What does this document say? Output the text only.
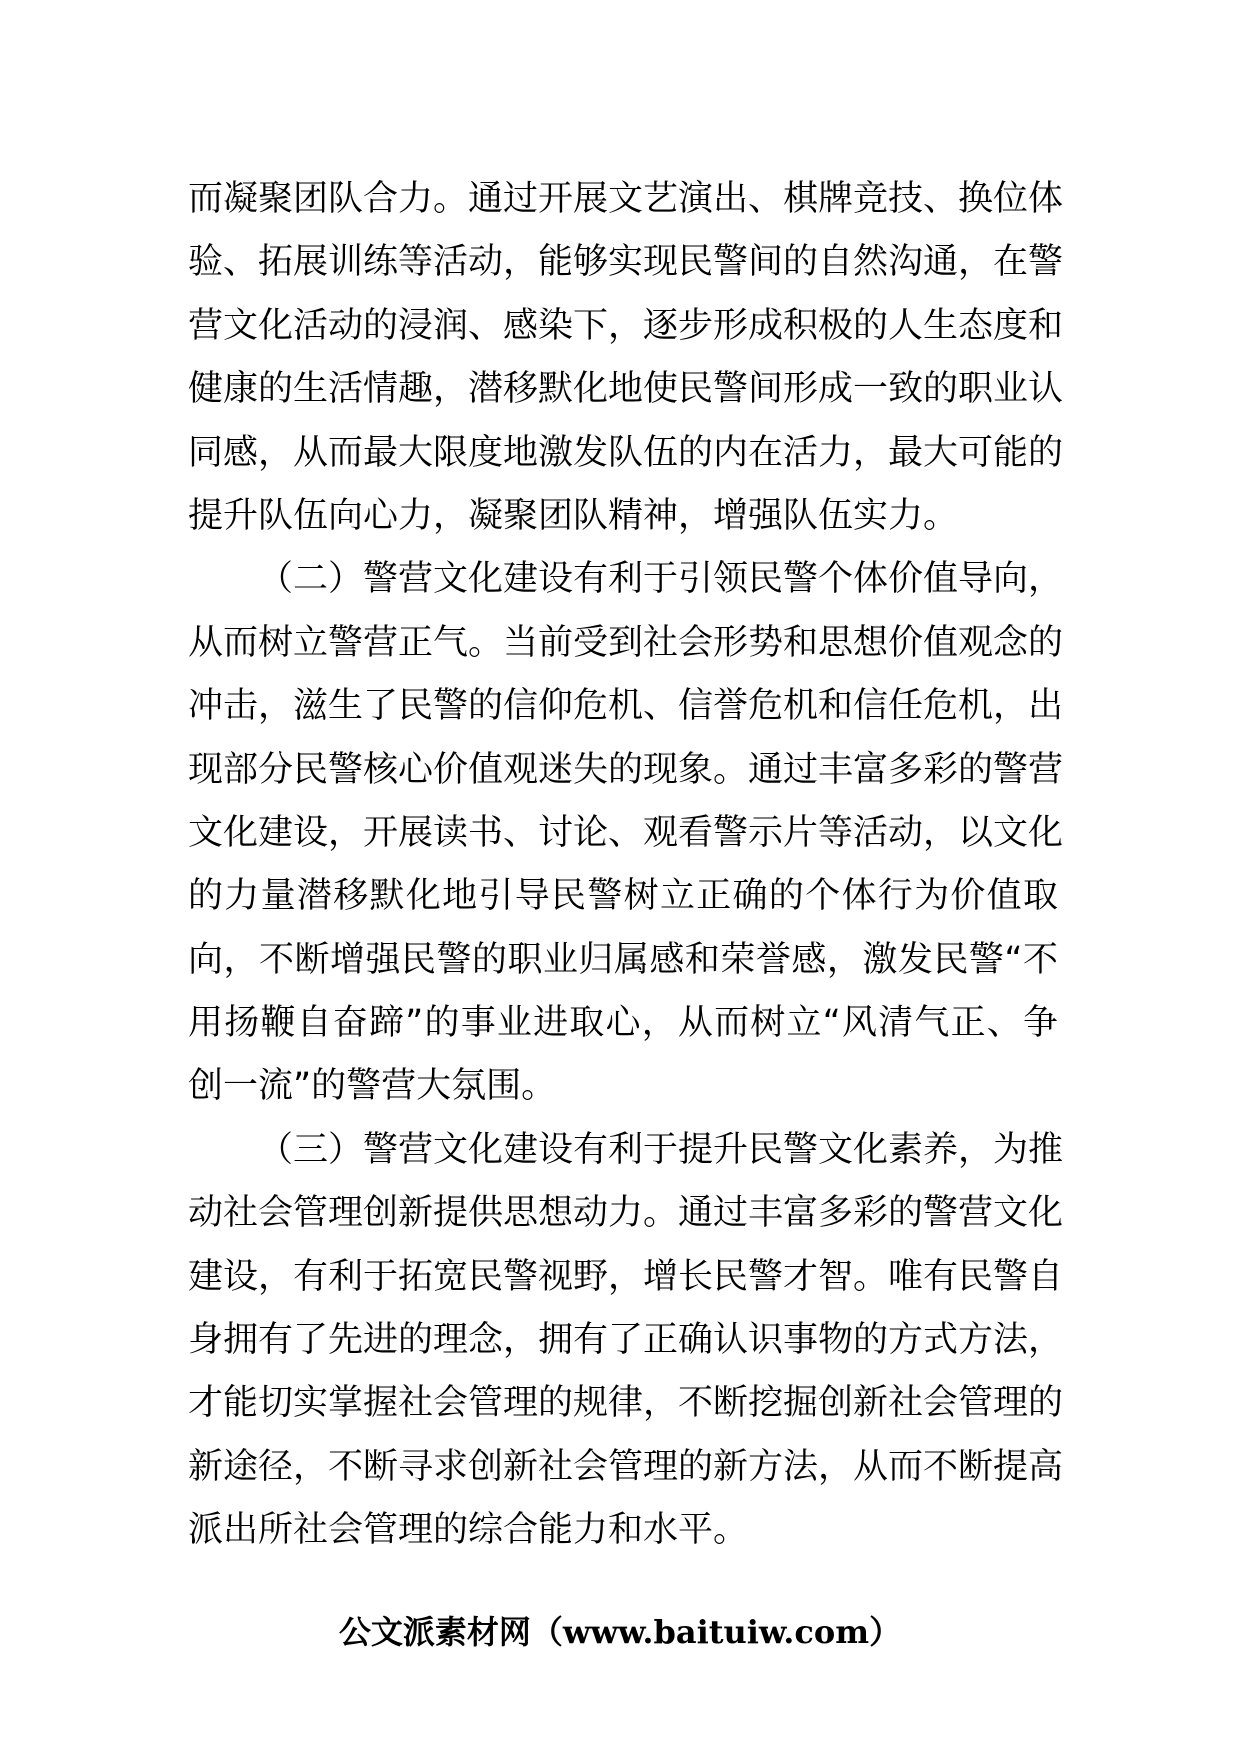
而凝聚团队合力。通过开展文艺演出、棋牌竞技、换位体
验、拓展训练等活动，能够实现民警间的自然沟通，在警
营文化活动的浸润、感染下，逐步形成积极的人生态度和
健康的生活情趣，潜移默化地使民警间形成一致的职业认
同感，从而最大限度地激发队伍的内在活力，最大可能的
提升队伍向心力，凝聚团队精神，增强队伍实力。
（二）警营文化建设有利于引领民警个体价值导向，
从而树立警营正气。当前受到社会形势和思想价值观念的
冲击，滋生了民警的信仰危机、信誉危机和信任危机，出
现部分民警核心价值观迷失的现象。通过丰富多彩的警营
文化建设，开展读书、讨论、观看警示片等活动，以文化
的力量潜移默化地引导民警树立正确的个体行为价值取
向，不断增强民警的职业归属感和荣誉感，激发民警“不
用扬鞭自奋蹄”的事业进取心，从而树立“风清气正、争
创一流”的警营大氛围。
（三）警营文化建设有利于提升民警文化素养，为推
动社会管理创新提供思想动力。通过丰富多彩的警营文化
建设，有利于拓宽民警视野，增长民警才智。唯有民警自
身拥有了先进的理念，拥有了正确认识事物的方式方法，
才能切实掌握社会管理的规律，不断挖掘创新社会管理的
新途径，不断寻求创新社会管理的新方法，从而不断提高
派出所社会管理的综合能力和水平。
公文派素材网（www.baituiw.com）
